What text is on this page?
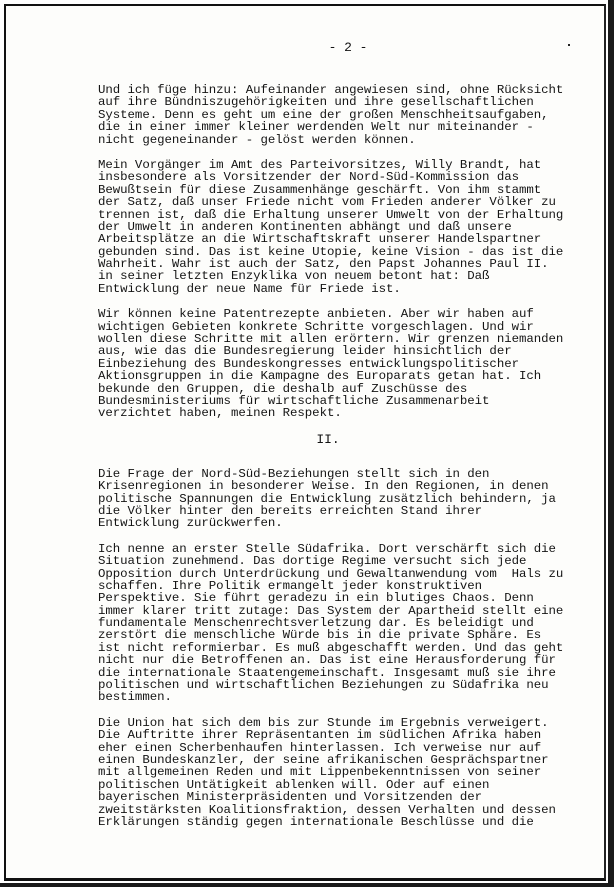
- 2 -
Und ich füge hinzu: Aufeinander angewiesen sind, ohne Rücksicht
auf ihre Bündniszugehörigkeiten und ihre gesellschaftlichen
Systeme. Denn es geht um eine der großen Menschheitsaufgaben,
die in einer immer kleiner werdenden Welt nur miteinander -
nicht gegeneinander - gelöst werden können.
Mein Vorgänger im Amt des Parteivorsitzes, Willy Brandt, hat
insbesondere als Vorsitzender der Nord-Süd-Kommission das
Bewußtsein für diese Zusammenhänge geschärft. Von ihm stammt
der Satz, daß unser Friede nicht vom Frieden anderer Völker zu
trennen ist, daß die Erhaltung unserer Umwelt von der Erhaltung
der Umwelt in anderen Kontinenten abhängt und daß unsere
Arbeitsplätze an die Wirtschaftskraft unserer Handelspartner
gebunden sind. Das ist keine Utopie, keine Vision - das ist die
Wahrheit. Wahr ist auch der Satz, den Papst Johannes Paul II.
in seiner letzten Enzyklika von neuem betont hat: Daß
Entwicklung der neue Name für Friede ist.
Wir können keine Patentrezepte anbieten. Aber wir haben auf
wichtigen Gebieten konkrete Schritte vorgeschlagen. Und wir
wollen diese Schritte mit allen erörtern. Wir grenzen niemanden
aus, wie das die Bundesregierung leider hinsichtlich der
Einbeziehung des Bundeskongresses entwicklungspolitischer
Aktionsgruppen in die Kampagne des Europarats getan hat. Ich
bekunde den Gruppen, die deshalb auf Zuschüsse des
Bundesministeriums für wirtschaftliche Zusammenarbeit
verzichtet haben, meinen Respekt.
II.
Die Frage der Nord-Süd-Beziehungen stellt sich in den
Krisenregionen in besonderer Weise. In den Regionen, in denen
politische Spannungen die Entwicklung zusätzlich behindern, ja
die Völker hinter den bereits erreichten Stand ihrer
Entwicklung zurückwerfen.
Ich nenne an erster Stelle Südafrika. Dort verschärft sich die
Situation zunehmend. Das dortige Regime versucht sich jede
Opposition durch Unterdrückung und Gewaltanwendung vom  Hals zu
schaffen. Ihre Politik ermangelt jeder konstruktiven
Perspektive. Sie führt geradezu in ein blutiges Chaos. Denn
immer klarer tritt zutage: Das System der Apartheid stellt eine
fundamentale Menschenrechtsverletzung dar. Es beleidigt und
zerstört die menschliche Würde bis in die private Sphäre. Es
ist nicht reformierbar. Es muß abgeschafft werden. Und das geht
nicht nur die Betroffenen an. Das ist eine Herausforderung für
die internationale Staatengemeinschaft. Insgesamt muß sie ihre
politischen und wirtschaftlichen Beziehungen zu Südafrika neu
bestimmen.
Die Union hat sich dem bis zur Stunde im Ergebnis verweigert.
Die Auftritte ihrer Repräsentanten im südlichen Afrika haben
eher einen Scherbenhaufen hinterlassen. Ich verweise nur auf
einen Bundeskanzler, der seine afrikanischen Gesprächspartner
mit allgemeinen Reden und mit Lippenbekenntnissen von seiner
politischen Untätigkeit ablenken will. Oder auf einen
bayerischen Ministerpräsidenten und Vorsitzenden der
zweitstärksten Koalitionsfraktion, dessen Verhalten und dessen
Erklärungen ständig gegen internationale Beschlüsse und die
